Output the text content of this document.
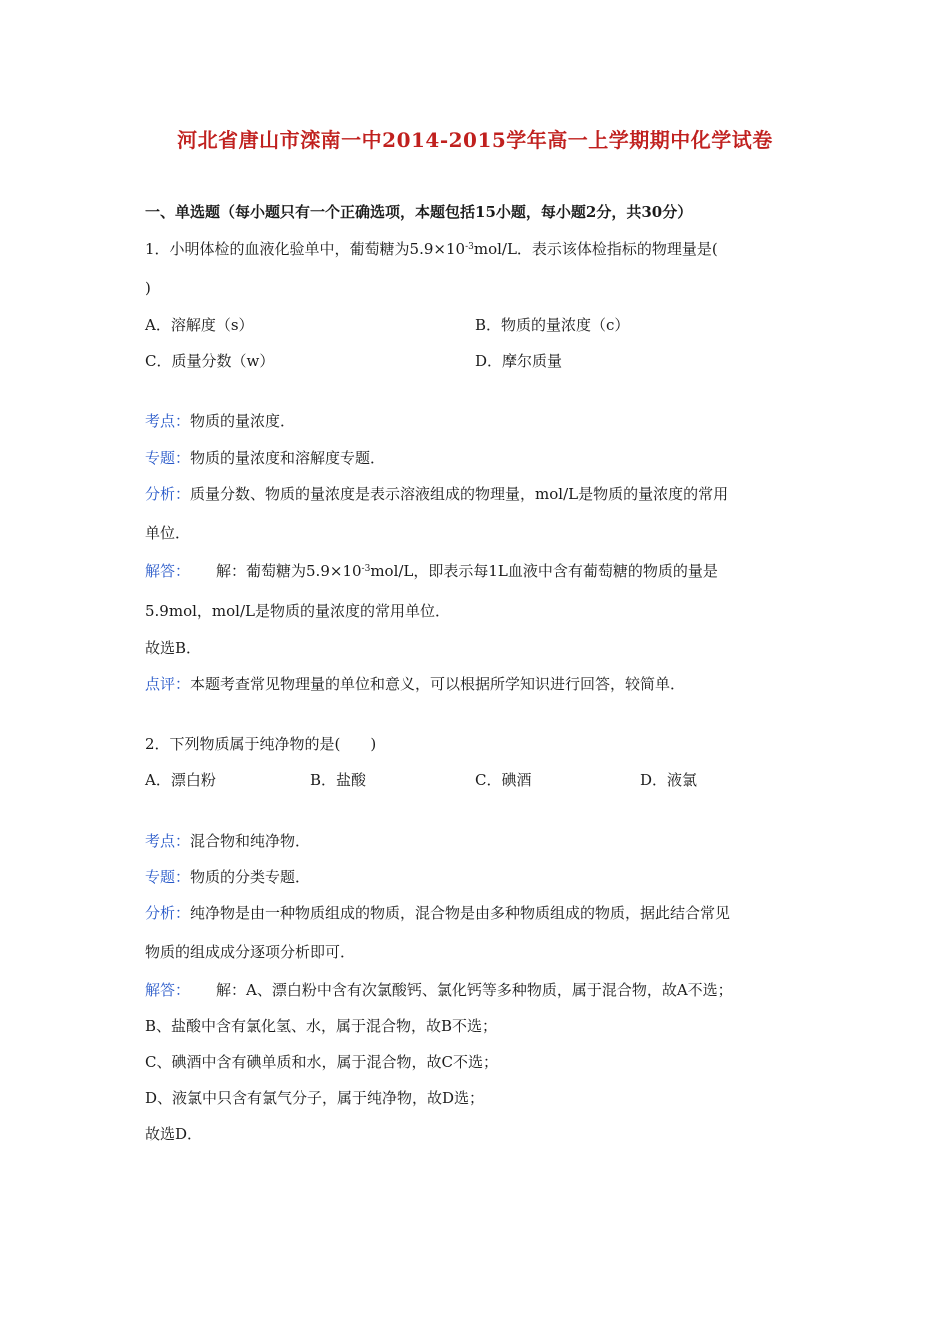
河北省唐山市滦南一中2014-2015学年高一上学期期中化学试卷
一、单选题（每小题只有一个正确选项，本题包括15小题，每小题2分，共30分）
1．小明体检的血液化验单中，葡萄糖为$5.9\times 10^{-3}mol/L$．表示该体检指标的物理量是(
)
A．溶解度（s）	B．物质的量浓度（c）
C．质量分数（w）	D．摩尔质量
考点：物质的量浓度．
专题：物质的量浓度和溶解度专题．
分析：质量分数、物质的量浓度是表示溶液组成的物理量，mol/L是物质的量浓度的常用
单位．
解答： 解：葡萄糖为$5.9\times 10^{-3}mol/L$，即表示每1L血液中含有葡萄糖的物质的量是
5.9mol，mol/L是物质的量浓度的常用单位．
故选B．
点评：本题考查常见物理量的单位和意义，可以根据所学知识进行回答，较简单．
2．下列物质属于纯净物的是(　　)
A．漂白粉	B．盐酸	C．碘酒	D．液氯
考点：混合物和纯净物．
专题：物质的分类专题．
分析：纯净物是由一种物质组成的物质，混合物是由多种物质组成的物质，据此结合常见
物质的组成成分逐项分析即可．
解答： 解：A、漂白粉中含有次氯酸钙、氯化钙等多种物质，属于混合物，故A不选；
B、盐酸中含有氯化氢、水，属于混合物，故B不选；
C、碘酒中含有碘单质和水，属于混合物，故C不选；
D、液氯中只含有氯气分子，属于纯净物，故D选；
故选D．
